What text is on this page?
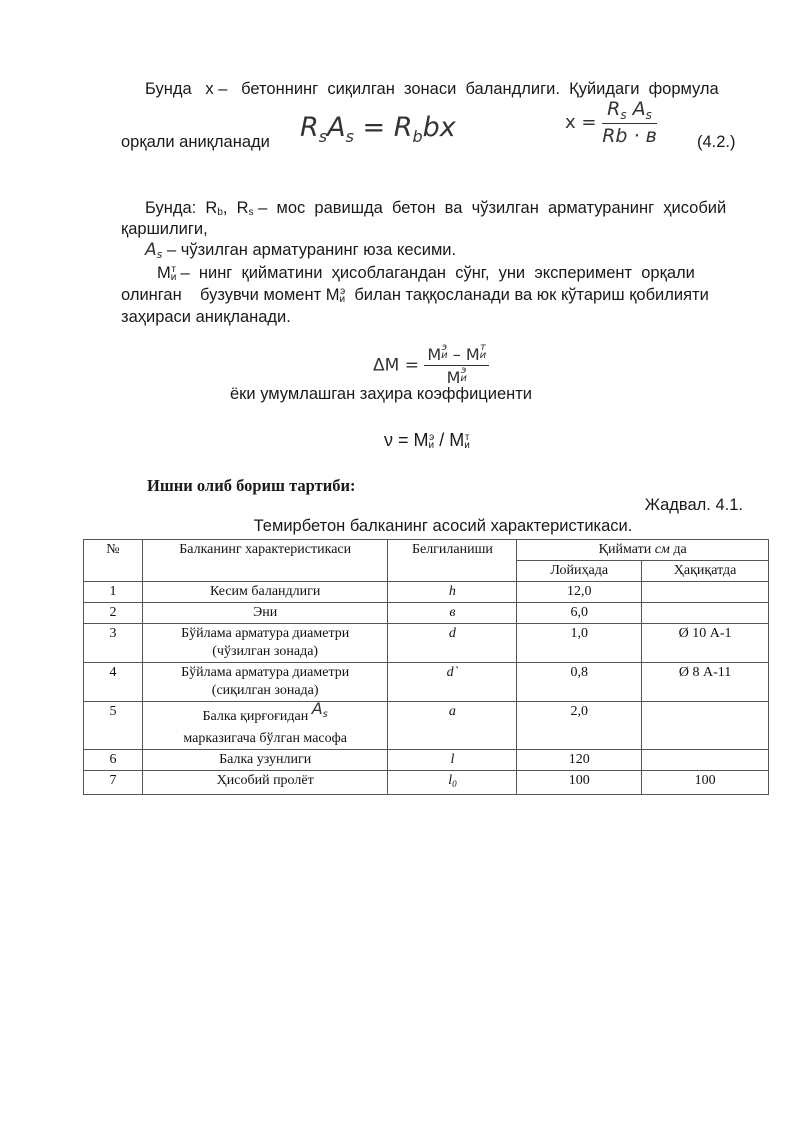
Бунда   x –   бетоннинг  сиқилган  зонаси  баландлиги.  Қуйидаги  формула
орқали аниқланади $R_sA_s = R_bbx$	$x = \frac{R_s A_s}{Rb \cdot в} (4.2.)$
Бунда:  $R_b$,  $R_s$ –  мос  равишда  бетон  ва  чўзилган  арматуранинг  ҳисобий
қаршилиги,
As – чўзилган арматуранинг юза кесими.
$М_и^т$ –  нинг  қийматини  ҳисоблагандан  сўнг,  уни  эксперимент  орқали
олинган    бузувчи момент $М_и^э$  билан таққосланади ва юк кўтариш қобилияти
заҳираси аниқланади.
ΔМ = М э
и – М т
и
М э
и
ёки умумлашган заҳира коэффициенти
$\nu = М_и^э / М_и^т$
Ишни олиб бориш тартиби:
Жадвал. 4.1.
Темирбетон балканинг асосий характеристикаси.
№	Балканинг характеристикаси	Белгиланиши	Қиймати см да	
			Лойиҳада	Ҳақиқатда
1	Кесим баландлиги	h	12,0	
2	Эни	в	6,0	
3	Бўйлама арматура диаметри
(чўзилган зонада)	d	1,0	Ø 10 А-1
4	Бўйлама арматура диаметри
(сиқилган зонада)	d`	0,8	Ø 8 А-11
5	Балка қирғоғидан As
марказигача бўлган масофа	a	2,0	
6	Балка узунлиги	l	120	
7	Ҳисобий пролёт	$l_0$	100	100
